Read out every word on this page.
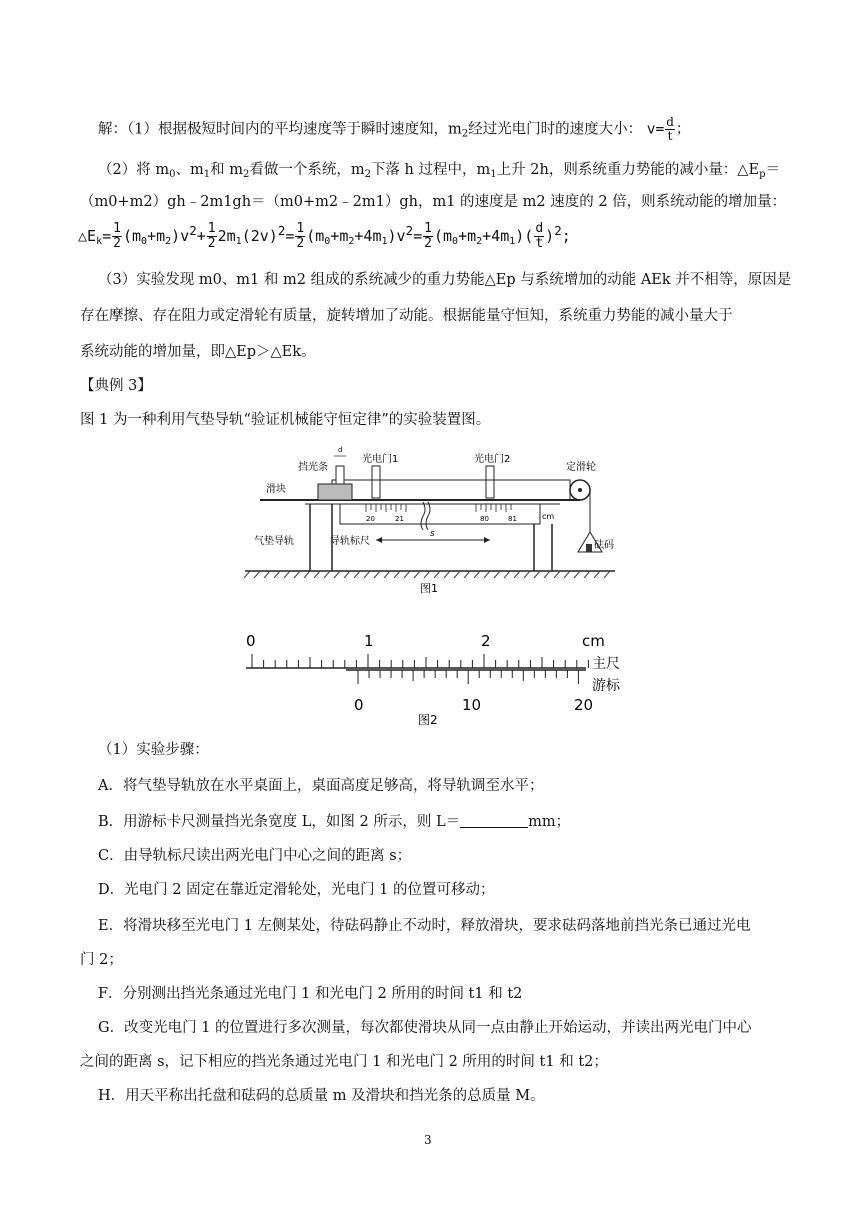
解：（1）根据极短时间内的平均速度等于瞬时速度知，$m_2$经过光电门时的速度大小： $v= \frac{d}{t}$ ；
（2）将 $m_0$、$m_1$和 $m_2$看做一个系统，$m_2$下落 h 过程中，$m_1$上升 2h，则系统重力势能的减小量：$\triangle E_p=$
（m0+m2）gh﹣2m1gh＝（m0+m2﹣2m1）gh，m1 的速度是 m2 速度的 2 倍，则系统动能的增加量：
$\triangle E_k= \frac{1}{2} (m_0+m_2)v^2+ \frac{1}{2} 2m_1(2v)^2= \frac{1}{2} (m_0+m_2+4m_1)v^2= \frac{1}{2} (m_0+m_2+4m_1)( \frac{d}{t} )^2$;
（3）实验发现 m0、m1 和 m2 组成的系统减少的重力势能△Ep 与系统增加的动能 AEk 并不相等，原因是
存在摩擦、存在阻力或定滑轮有质量，旋转增加了动能。根据能量守恒知，系统重力势能的减小量大于
系统动能的增加量，即△Ep＞△Ek。
【典例 3】
图 1 为一种利用气垫导轨“验证机械能守恒定律”的实验装置图。
20	21	80	81	cm
d
s
挡光条
滑块
光电门1	光电门2
定滑轮
气垫导轨	导轨标尺	砝码
图1
0	1	2	cm
主尺
游标
0	10	20
图2
（1）实验步骤：
A．将气垫导轨放在水平桌面上，桌面高度足够高，将导轨调至水平；
B．用游标卡尺测量挡光条宽度 L，如图 2 所示，则 L＝	mm；
C．由导轨标尺读出两光电门中心之间的距离 s；
D．光电门 2 固定在靠近定滑轮处，光电门 1 的位置可移动；
E．将滑块移至光电门 1 左侧某处，待砝码静止不动时，释放滑块，要求砝码落地前挡光条已通过光电
门 2；
F．分别测出挡光条通过光电门 1 和光电门 2 所用的时间 t1 和 t2
G．改变光电门 1 的位置进行多次测量，每次都使滑块从同一点由静止开始运动，并读出两光电门中心
之间的距离 s，记下相应的挡光条通过光电门 1 和光电门 2 所用的时间 t1 和 t2；
H．用天平称出托盘和砝码的总质量 m 及滑块和挡光条的总质量 M。
3
